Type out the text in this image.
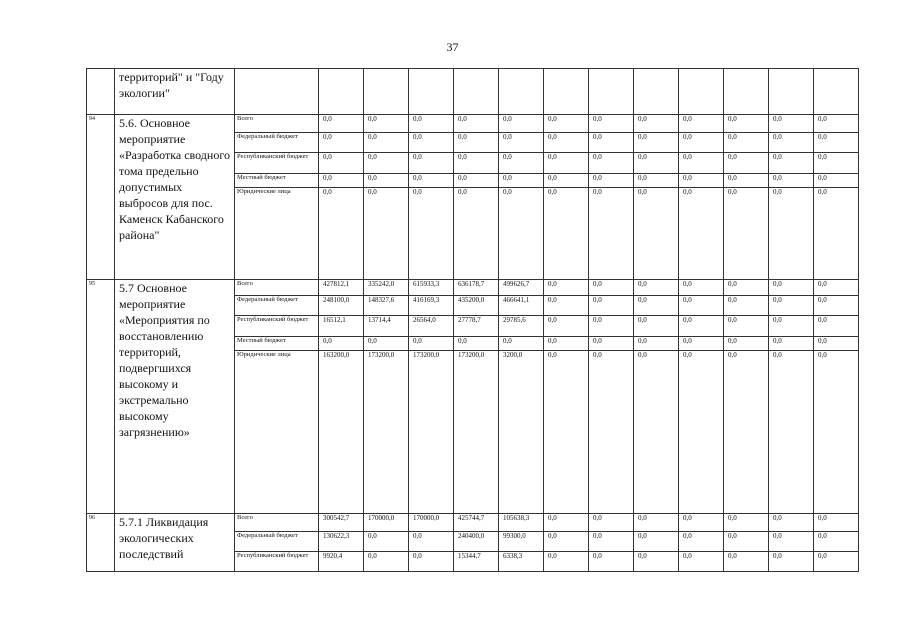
37
	территорий" и "Году экологии"													
94	5.6. Основное мероприятие «Разработка сводного тома предельно допустимых выбросов для пос. Каменск Кабанского района"	Всего	0,0	0,0	0,0	0,0	0,0	0,0	0,0	0,0	0,0	0,0	0,0	0,0
		Федеральный бюджет	0,0	0,0	0,0	0,0	0,0	0,0	0,0	0,0	0,0	0,0	0,0	0,0
		Республиканский бюджет	0,0	0,0	0,0	0,0	0,0	0,0	0,0	0,0	0,0	0,0	0,0	0,0
		Местный бюджет	0,0	0,0	0,0	0,0	0,0	0,0	0,0	0,0	0,0	0,0	0,0	0,0
		Юридические лица	0,0	0,0	0,0	0,0	0,0	0,0	0,0	0,0	0,0	0,0	0,0	0,0
95	5.7 Основное мероприятие «Мероприятия по восстановлению территорий, подвергшихся высокому и экстремально высокому загрязнению»	Всего	427812,1	335242,0	615933,3	636178,7	499626,7	0,0	0,0	0,0	0,0	0,0	0,0	0,0
		Федеральный бюджет	248100,0	148327,6	416169,3	435200,0	466641,1	0,0	0,0	0,0	0,0	0,0	0,0	0,0
		Республиканский бюджет	16512,1	13714,4	26564,0	27778,7	29785,6	0,0	0,0	0,0	0,0	0,0	0,0	0,0
		Местный бюджет	0,0	0,0	0,0	0,0	0,0	0,0	0,0	0,0	0,0	0,0	0,0	0,0
		Юридические лица	163200,0	173200,0	173200,0	173200,0	3200,0	0,0	0,0	0,0	0,0	0,0	0,0	0,0
96	5.7.1 Ликвидация экологических последствий	Всего	300542,7	170000,0	170000,0	425744,7	105638,3	0,0	0,0	0,0	0,0	0,0	0,0	0,0
		Федеральный бюджет	130622,3	0,0	0,0	240400,0	99300,0	0,0	0,0	0,0	0,0	0,0	0,0	0,0
		Республиканский бюджет	9920,4	0,0	0,0	15344,7	6338,3	0,0	0,0	0,0	0,0	0,0	0,0	0,0
